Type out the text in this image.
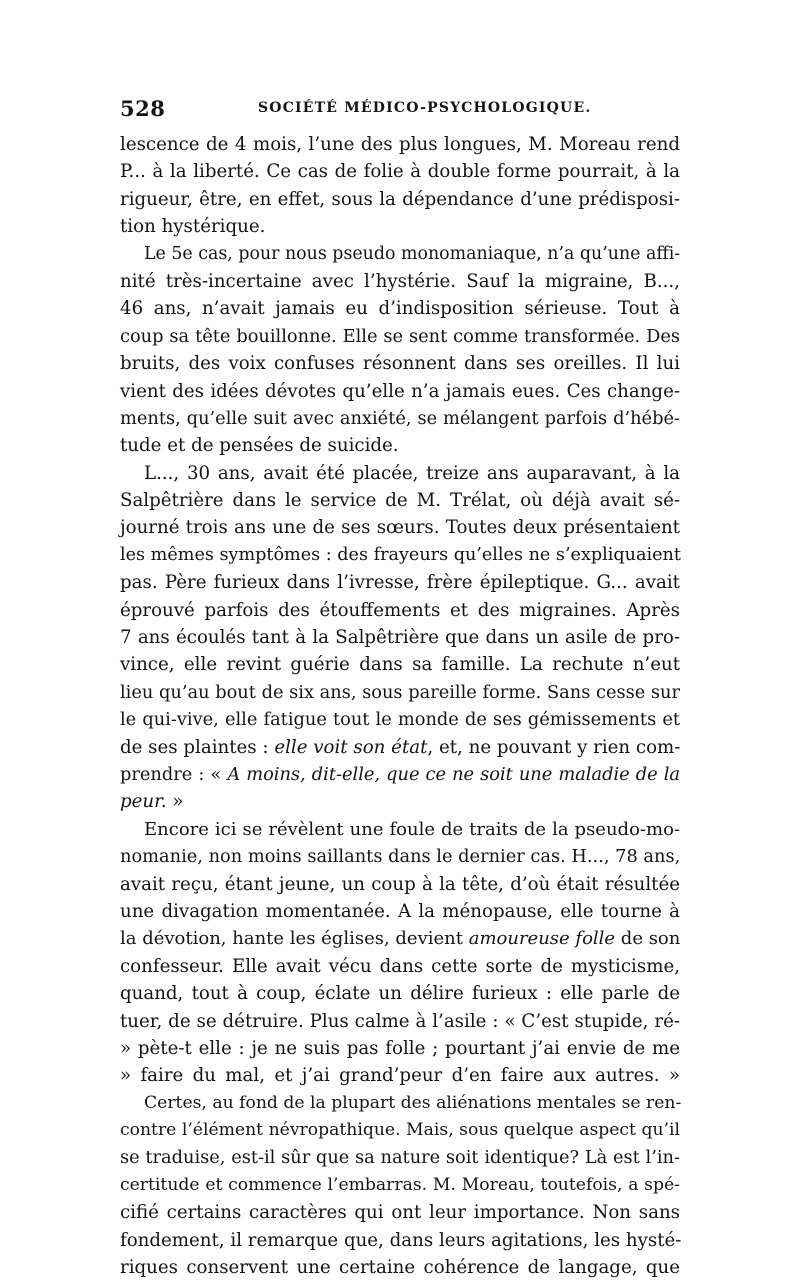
528	SOCIÉTÉ MÉDICO-PSYCHOLOGIQUE.
lescence de 4 mois, l’une des plus longues, M. Moreau rend
P... à la liberté. Ce cas de folie à double forme pourrait, à la
rigueur, être, en effet, sous la dépendance d’une prédisposi-
tion hystérique.
Le 5e cas, pour nous pseudo monomaniaque, n’a qu’une affi-
nité très-incertaine avec l’hystérie. Sauf la migraine, B...,
46 ans, n’avait jamais eu d’indisposition sérieuse. Tout à
coup sa tête bouillonne. Elle se sent comme transformée. Des
bruits, des voix confuses résonnent dans ses oreilles. Il lui
vient des idées dévotes qu’elle n’a jamais eues. Ces change-
ments, qu’elle suit avec anxiété, se mélangent parfois d’hébé-
tude et de pensées de suicide.
L..., 30 ans, avait été placée, treize ans auparavant, à la
Salpêtrière dans le service de M. Trélat, où déjà avait sé-
journé trois ans une de ses sœurs. Toutes deux présentaient
les mêmes symptômes : des frayeurs qu’elles ne s’expliquaient
pas. Père furieux dans l’ivresse, frère épileptique. G... avait
éprouvé parfois des étouffements et des migraines. Après
7 ans écoulés tant à la Salpêtrière que dans un asile de pro-
vince, elle revint guérie dans sa famille. La rechute n’eut
lieu qu’au bout de six ans, sous pareille forme. Sans cesse sur
le qui-vive, elle fatigue tout le monde de ses gémissements et
de ses plaintes : elle voit son état, et, ne pouvant y rien com-
prendre : « A moins, dit-elle, que ce ne soit une maladie de la
peur. »
Encore ici se révèlent une foule de traits de la pseudo-mo-
nomanie, non moins saillants dans le dernier cas. H..., 78 ans,
avait reçu, étant jeune, un coup à la tête, d’où était résultée
une divagation momentanée. A la ménopause, elle tourne à
la dévotion, hante les églises, devient amoureuse folle de son
confesseur. Elle avait vécu dans cette sorte de mysticisme,
quand, tout à coup, éclate un délire furieux : elle parle de
tuer, de se détruire. Plus calme à l’asile : « C’est stupide, ré-
» pète-t elle : je ne suis pas folle ; pourtant j’ai envie de me
» faire du mal, et j’ai grand’peur d’en faire aux autres. »
Certes, au fond de la plupart des aliénations mentales se ren-
contre l’élément névropathique. Mais, sous quelque aspect qu’il
se traduise, est-il sûr que sa nature soit identique? Là est l’in-
certitude et commence l’embarras. M. Moreau, toutefois, a spé-
cifié certains caractères qui ont leur importance. Non sans
fondement, il remarque que, dans leurs agitations, les hysté-
riques conservent une certaine cohérence de langage, que
